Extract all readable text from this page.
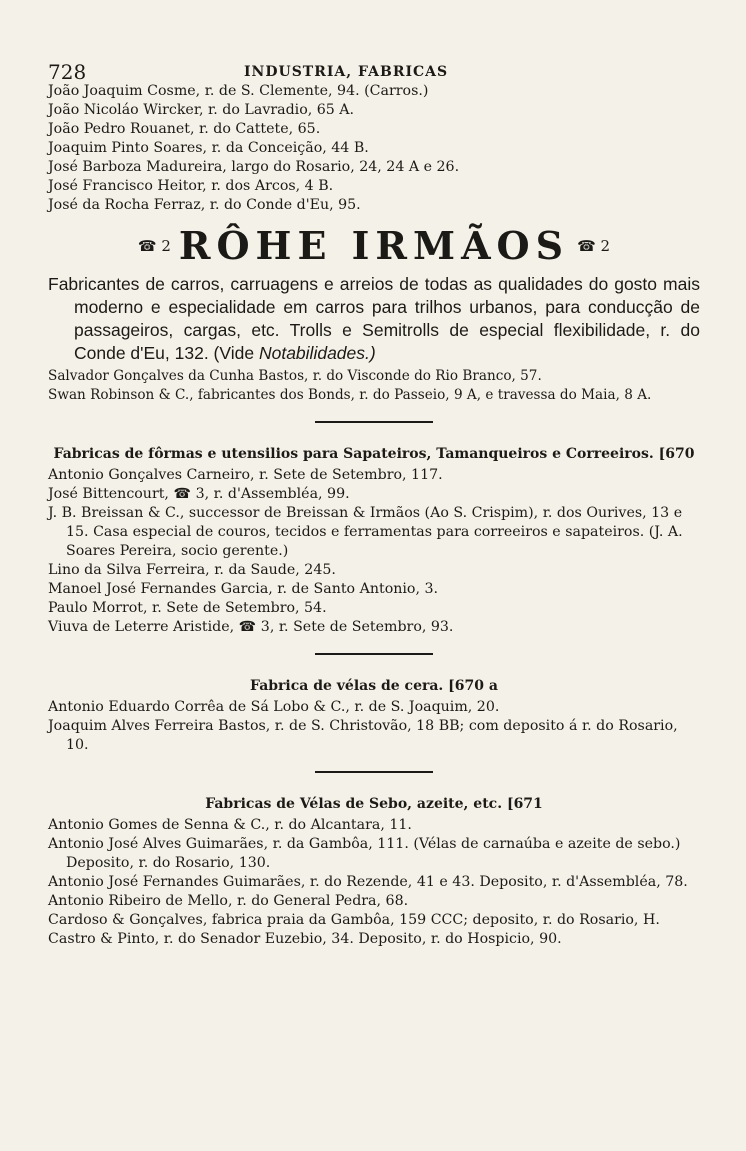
728	INDUSTRIA, FABRICAS
João Joaquim Cosme, r. de S. Clemente, 94. (Carros.)
João Nicoláo Wircker, r. do Lavradio, 65 A.
João Pedro Rouanet, r. do Cattete, 65.
Joaquim Pinto Soares, r. da Conceição, 44 B.
José Barboza Madureira, largo do Rosario, 24, 24 A e 26.
José Francisco Heitor, r. dos Arcos, 4 B.
José da Rocha Ferraz, r. do Conde d'Eu, 95.
☎ 2 RÔHE IRMÃOS ☎ 2

Fabricantes de carros, carruagens e arreios de todas as qualidades do gosto mais moderno e especialidade em carros para trilhos urbanos, para conducção de passageiros, cargas, etc. Trolls e Semitrolls de especial flexibilidade, r. do Conde d'Eu, 132. (Vide Notabilidades.)

Salvador Gonçalves da Cunha Bastos, r. do Visconde do Rio Branco, 57.
Swan Robinson & C., fabricantes dos Bonds, r. do Passeio, 9 A, e travessa do Maia, 8 A.
Fabricas de fôrmas e utensilios para Sapateiros, Tamanqueiros e Correeiros. [670
Antonio Gonçalves Carneiro, r. Sete de Setembro, 117.
José Bittencourt, ☎ 3, r. d'Assembléa, 99.
J. B. Breissan & C., successor de Breissan & Irmãos (Ao S. Crispim), r. dos Ourives, 13 e 15. Casa especial de couros, tecidos e ferramentas para correeiros e sapateiros. (J. A. Soares Pereira, socio gerente.)
Lino da Silva Ferreira, r. da Saude, 245.
Manoel José Fernandes Garcia, r. de Santo Antonio, 3.
Paulo Morrot, r. Sete de Setembro, 54.
Viuva de Leterre Aristide, ☎ 3, r. Sete de Setembro, 93.
Fabrica de vélas de cera. [670 a
Antonio Eduardo Corrêa de Sá Lobo & C., r. de S. Joaquim, 20.
Joaquim Alves Ferreira Bastos, r. de S. Christovão, 18 BB; com deposito á r. do Rosario, 10.
Fabricas de Vélas de Sebo, azeite, etc. [671
Antonio Gomes de Senna & C., r. do Alcantara, 11.
Antonio José Alves Guimarães, r. da Gambôa, 111. (Vélas de carnaúba e azeite de sebo.) Deposito, r. do Rosario, 130.
Antonio José Fernandes Guimarães, r. do Rezende, 41 e 43. Deposito, r. d'Assembléa, 78.
Antonio Ribeiro de Mello, r. do General Pedra, 68.
Cardoso & Gonçalves, fabrica praia da Gambôa, 159 CCC; deposito, r. do Rosario, H.
Castro & Pinto, r. do Senador Euzebio, 34. Deposito, r. do Hospicio, 90.
